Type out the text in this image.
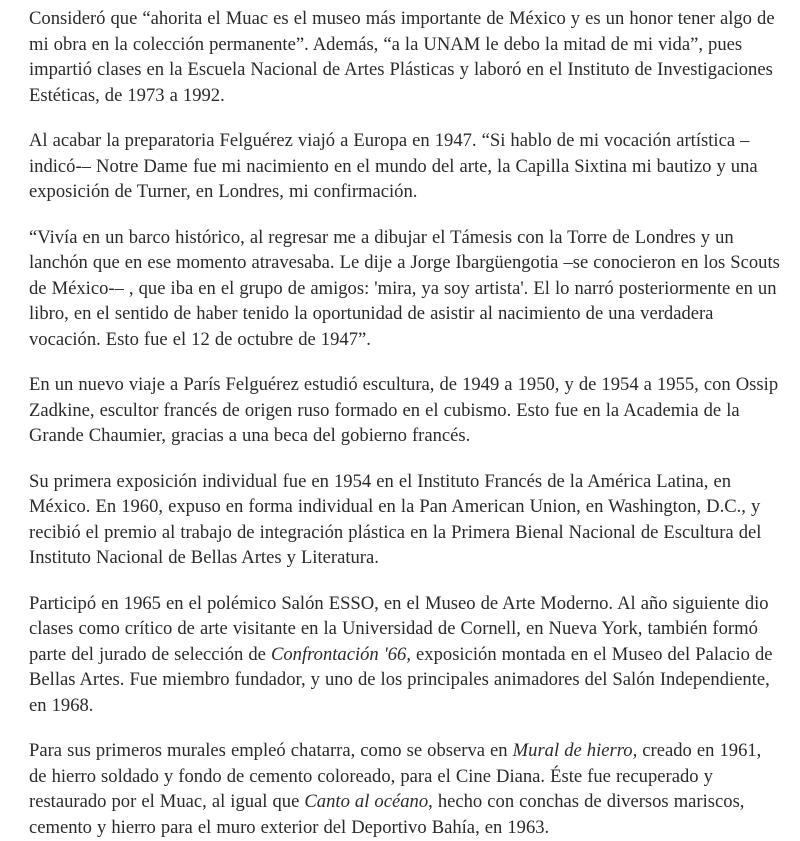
Consideró que “ahorita el Muac es el museo más importante de México y es un honor tener algo de mi obra en la colección permanente”. Además, “a la UNAM le debo la mitad de mi vida”, pues impartió clases en la Escuela Nacional de Artes Plásticas y laboró en el Instituto de Investigaciones Estéticas, de 1973 a 1992.

Al acabar la preparatoria Felguérez viajó a Europa en 1947. “Si hablo de mi vocación artística –indicó-– Notre Dame fue mi nacimiento en el mundo del arte, la Capilla Sixtina mi bautizo y una exposición de Turner, en Londres, mi confirmación.

“Vivía en un barco histórico, al regresar me a dibujar el Támesis con la Torre de Londres y un lanchón que en ese momento atravesaba. Le dije a Jorge Ibargüengotia –se conocieron en los Scouts de México-– , que iba en el grupo de amigos: 'mira, ya soy artista'. El lo narró posteriormente en un libro, en el sentido de haber tenido la oportunidad de asistir al nacimiento de una verdadera vocación. Esto fue el 12 de octubre de 1947”.

En un nuevo viaje a París Felguérez estudió escultura, de 1949 a 1950, y de 1954 a 1955, con Ossip Zadkine, escultor francés de origen ruso formado en el cubismo. Esto fue en la Academia de la Grande Chaumier, gracias a una beca del gobierno francés.

Su primera exposición individual fue en 1954 en el Instituto Francés de la América Latina, en México. En 1960, expuso en forma individual en la Pan American Union, en Washington, D.C., y recibió el premio al trabajo de integración plástica en la Primera Bienal Nacional de Escultura del Instituto Nacional de Bellas Artes y Literatura.

Participó en 1965 en el polémico Salón ESSO, en el Museo de Arte Moderno. Al año siguiente dio clases como crítico de arte visitante en la Universidad de Cornell, en Nueva York, también formó parte del jurado de selección de Confrontación '66, exposición montada en el Museo del Palacio de Bellas Artes. Fue miembro fundador, y uno de los principales animadores del Salón Independiente, en 1968.

Para sus primeros murales empleó chatarra, como se observa en Mural de hierro, creado en 1961, de hierro soldado y fondo de cemento coloreado, para el Cine Diana. Éste fue recuperado y restaurado por el Muac, al igual que Canto al océano, hecho con conchas de diversos mariscos, cemento y hierro para el muro exterior del Deportivo Bahía, en 1963.
